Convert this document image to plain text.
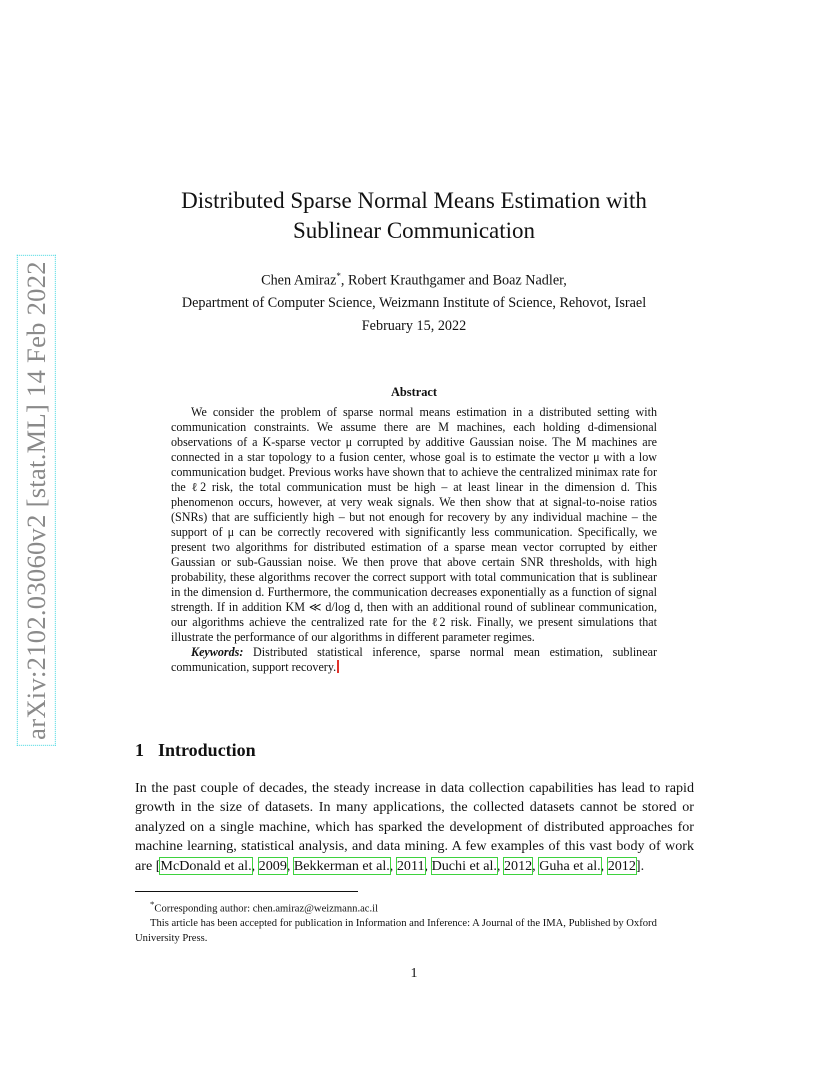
arXiv:2102.03060v2 [stat.ML] 14 Feb 2022
Distributed Sparse Normal Means Estimation with
Sublinear Communication
Chen Amiraz*, Robert Krauthgamer and Boaz Nadler,
Department of Computer Science, Weizmann Institute of Science, Rehovot, Israel
February 15, 2022
Abstract

We consider the problem of sparse normal means estimation in a distributed setting with communication constraints. We assume there are M machines, each holding d-dimensional observations of a K-sparse vector μ corrupted by additive Gaussian noise. The M machines are connected in a star topology to a fusion center, whose goal is to estimate the vector μ with a low communication budget. Previous works have shown that to achieve the centralized minimax rate for the ℓ2 risk, the total communication must be high – at least linear in the dimension d. This phenomenon occurs, however, at very weak signals. We then show that at signal-to-noise ratios (SNRs) that are sufficiently high – but not enough for recovery by any individual machine – the support of μ can be correctly recovered with significantly less communication. Specifically, we present two algorithms for distributed estimation of a sparse mean vector corrupted by either Gaussian or sub-Gaussian noise. We then prove that above certain SNR thresholds, with high probability, these algorithms recover the correct support with total communication that is sublinear in the dimension d. Furthermore, the communication decreases exponentially as a function of signal strength. If in addition KM ≪ d/log d, then with an additional round of sublinear communication, our algorithms achieve the centralized rate for the ℓ2 risk. Finally, we present simulations that illustrate the performance of our algorithms in different parameter regimes.

Keywords: Distributed statistical inference, sparse normal mean estimation, sublinear communication, support recovery.

1 Introduction

In the past couple of decades, the steady increase in data collection capabilities has lead to rapid growth in the size of datasets. In many applications, the collected datasets cannot be stored or analyzed on a single machine, which has sparked the development of distributed approaches for machine learning, statistical analysis, and data mining. A few examples of this vast body of work are [McDonald et al., 2009, Bekkerman et al., 2011, Duchi et al., 2012, Guha et al., 2012].

*Corresponding author: chen.amiraz@weizmann.ac.il

This article has been accepted for publication in Information and Inference: A Journal of the IMA, Published by Oxford University Press.

1
